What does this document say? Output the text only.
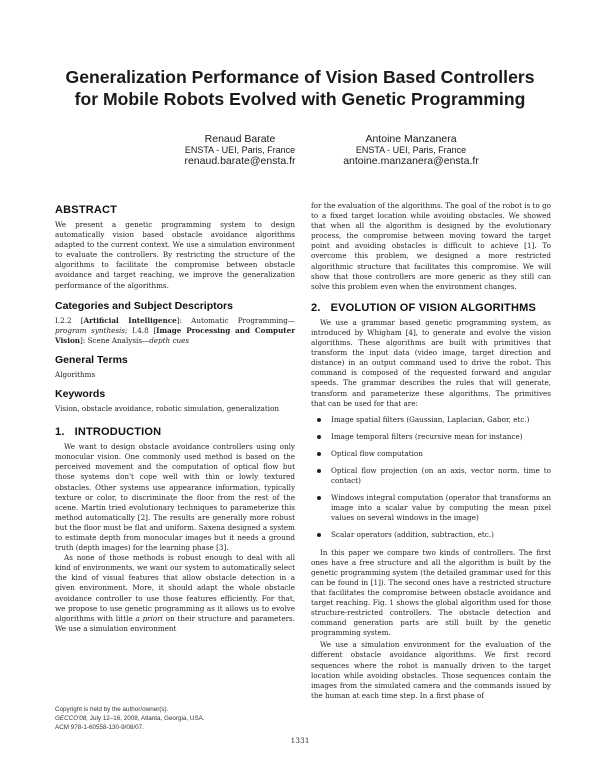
Generalization Performance of Vision Based Controllers
for Mobile Robots Evolved with Genetic Programming
Renaud Barate
ENSTA - UEI, Paris, France
renaud.barate@ensta.fr
Antoine Manzanera
ENSTA - UEI, Paris, France
antoine.manzanera@ensta.fr
ABSTRACT

We present a genetic programming system to design automatically vision based obstacle avoidance algorithms adapted to the current context. We use a simulation environment to evaluate the controllers. By restricting the structure of the algorithms to facilitate the compromise between obstacle avoidance and target reaching, we improve the generalization performance of the algorithms.

Categories and Subject Descriptors

I.2.2 [Artificial Intelligence]: Automatic Programming—program synthesis; I.4.8 [Image Processing and Computer Vision]: Scene Analysis—depth cues

General Terms

Algorithms

Keywords

Vision, obstacle avoidance, robotic simulation, generalization

1. INTRODUCTION

We want to design obstacle avoidance controllers using only monocular vision. One commonly used method is based on the perceived movement and the computation of optical flow but those systems don't cope well with thin or lowly textured obstacles. Other systems use appearance information, typically texture or color, to discriminate the floor from the rest of the scene. Martin tried evolutionary techniques to parameterize this method automatically [2]. The results are generally more robust but the floor must be flat and uniform. Saxena designed a system to estimate depth from monocular images but it needs a ground truth (depth images) for the learning phase [3].

As none of those methods is robust enough to deal with all kind of environments, we want our system to automatically select the kind of visual features that allow obstacle detection in a given environment. More, it should adapt the whole obstacle avoidance controller to use those features efficiently. For that, we propose to use genetic programming as it allows us to evolve algorithms with little a priori on their structure and parameters. We use a simulation environment

Copyright is held by the author/owner(s).
GECCO'08, July 12–16, 2008, Atlanta, Georgia, USA.
ACM 978-1-60558-130-9/08/07.

for the evaluation of the algorithms. The goal of the robot is to go to a fixed target location while avoiding obstacles. We showed that when all the algorithm is designed by the evolutionary process, the compromise between moving toward the target point and avoiding obstacles is difficult to achieve [1]. To overcome this problem, we designed a more restricted algorithmic structure that facilitates this compromise. We will show that those controllers are more generic as they still can solve this problem even when the environment changes.

2. EVOLUTION OF VISION ALGORITHMS

We use a grammar based genetic programming system, as introduced by Whigham [4], to generate and evolve the vision algorithms. These algorithms are built with primitives that transform the input data (video image, target direction and distance) in an output command used to drive the robot. This command is composed of the requested forward and angular speeds. The grammar describes the rules that will generate, transform and parameterize these algorithms. The primitives that can be used for that are:

Image spatial filters (Gaussian, Laplacian, Gabor, etc.)
Image temporal filters (recursive mean for instance)
Optical flow computation
Optical flow projection (on an axis, vector norm, time to contact)
Windows integral computation (operator that transforms an image into a scalar value by computing the mean pixel values on several windows in the image)
Scalar operators (addition, subtraction, etc.)

In this paper we compare two kinds of controllers. The first ones have a free structure and all the algorithm is built by the genetic programming system (the detailed grammar used for this can be found in [1]). The second ones have a restricted structure that facilitates the compromise between obstacle avoidance and target reaching. Fig. 1 shows the global algorithm used for those structure-restricted controllers. The obstacle detection and command generation parts are still built by the genetic programming system.

We use a simulation environment for the evaluation of the different obstacle avoidance algorithms. We first record sequences where the robot is manually driven to the target location while avoiding obstacles. Those sequences contain the images from the simulated camera and the commands issued by the human at each time step. In a first phase of

1331
